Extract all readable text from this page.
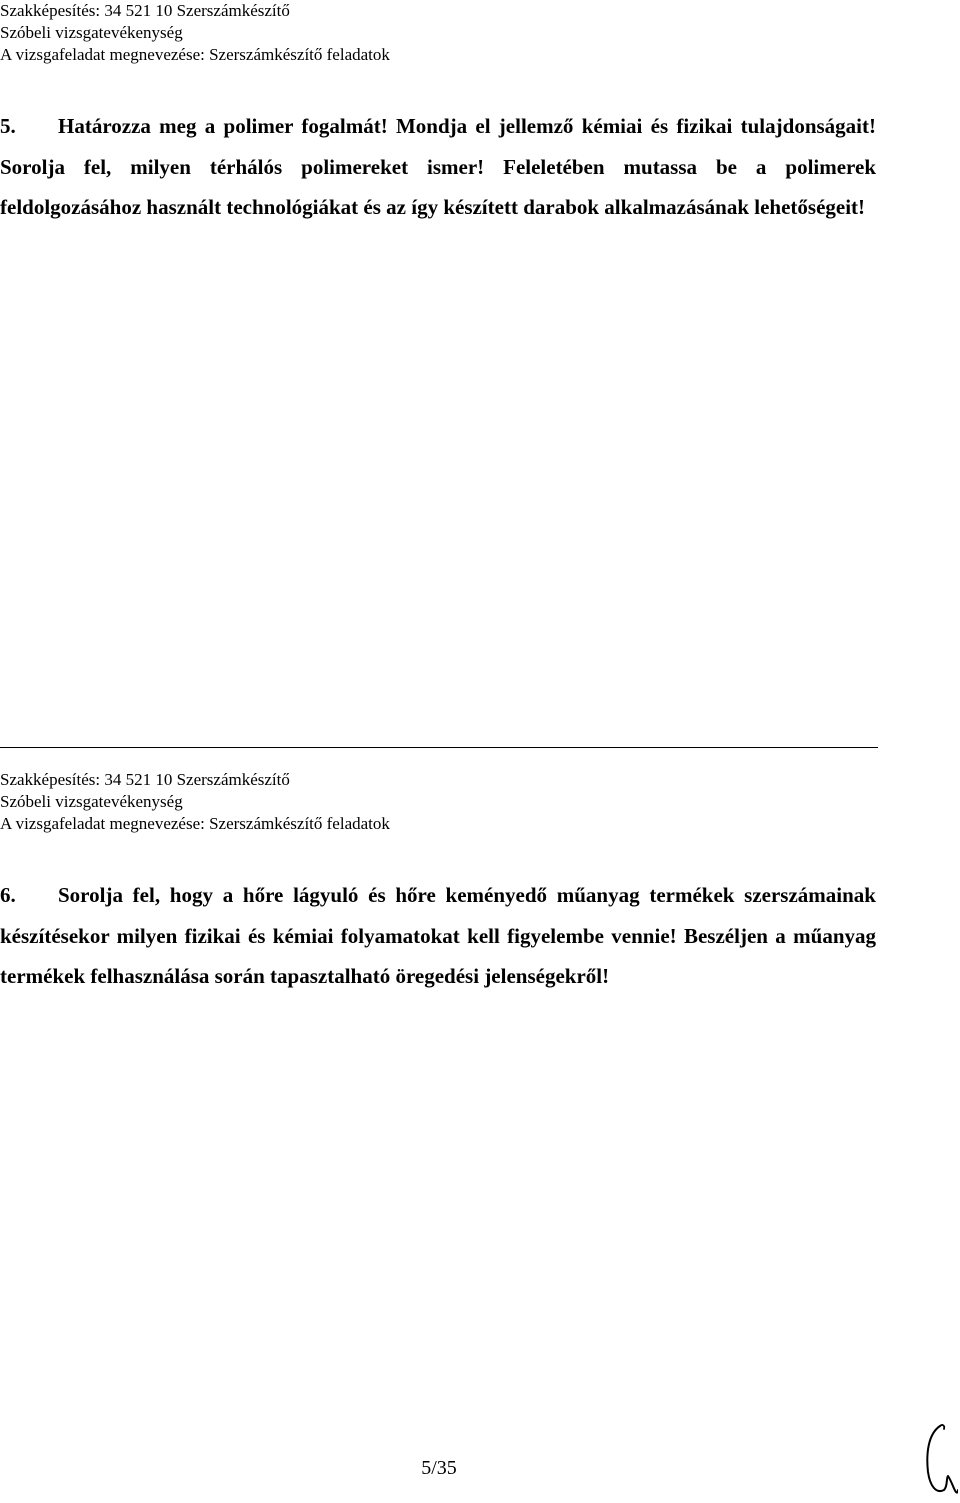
Szakképesítés: 34 521 10 Szerszámkészítő
Szóbeli vizsgatevékenység
A vizsgafeladat megnevezése: Szerszámkészítő feladatok
5. Határozza meg a polimer fogalmát! Mondja el jellemző kémiai és fizikai tulajdonságait! Sorolja fel, milyen térhálós polimereket ismer! Feleletében mutassa be a polimerek feldolgozásához használt technológiákat és az így készített darabok alkalmazásának lehetőségeit!
Szakképesítés: 34 521 10 Szerszámkészítő
Szóbeli vizsgatevékenység
A vizsgafeladat megnevezése: Szerszámkészítő feladatok
6. Sorolja fel, hogy a hőre lágyuló és hőre keményedő műanyag termékek szerszámainak készítésekor milyen fizikai és kémiai folyamatokat kell figyelembe vennie! Beszéljen a műanyag termékek felhasználása során tapasztalható öregedési jelenségekről!
5/35
